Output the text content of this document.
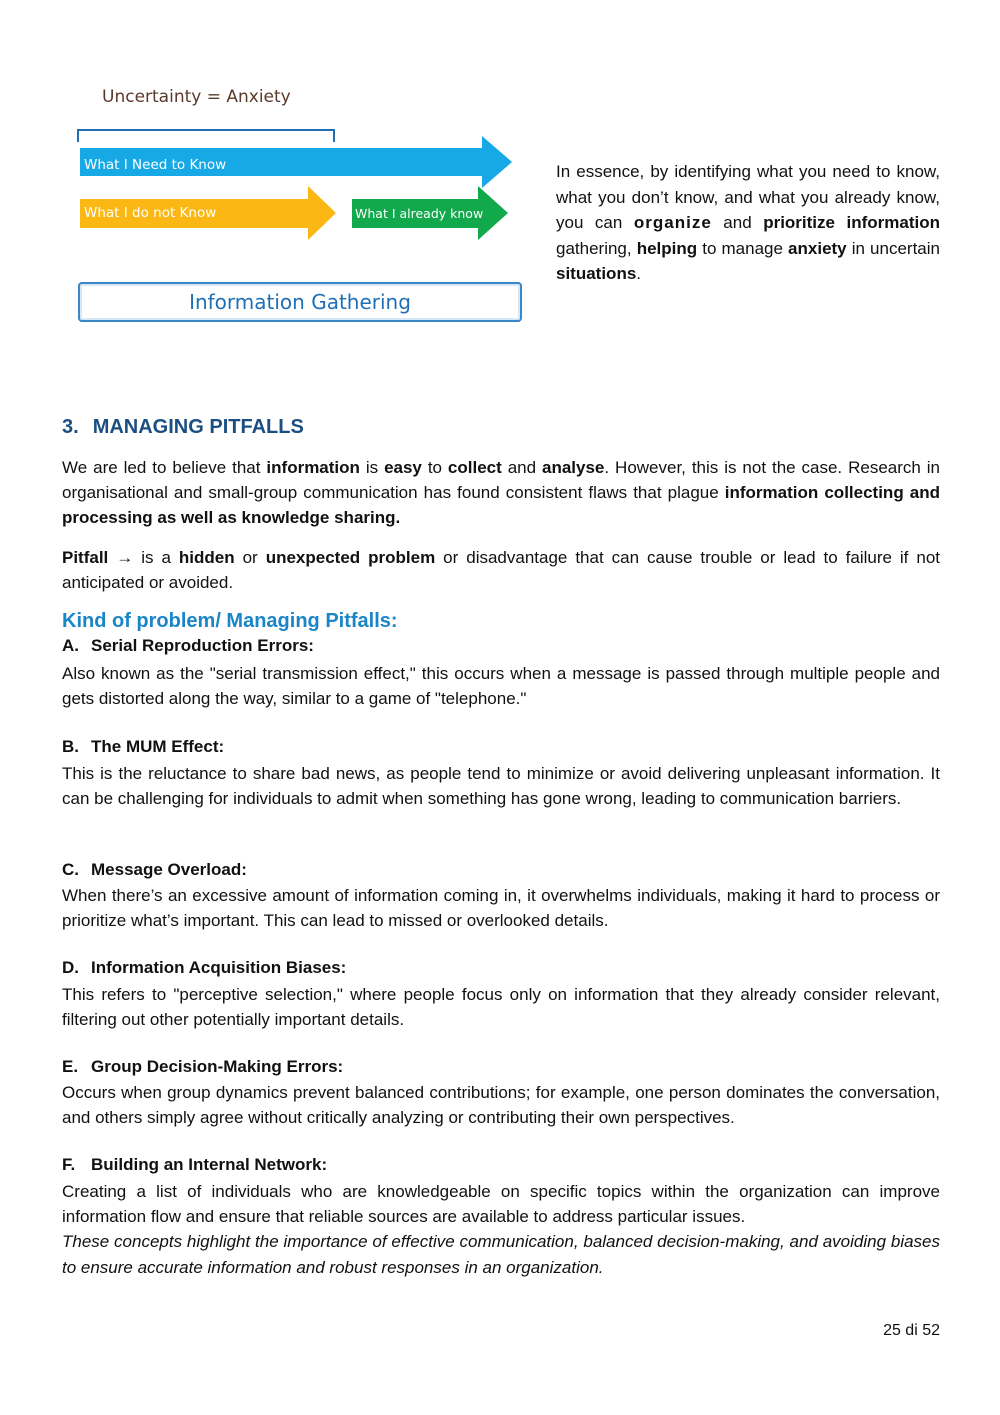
Uncertainty = Anxiety
What I Need to Know
What I do not Know	What I already know
Information Gathering

In essence, by identifying what you need to know, what you don’t know, and what you already know, you can organize and prioritize information gathering, helping to manage anxiety in uncertain situations.

3. MANAGING PITFALLS

We are led to believe that information is easy to collect and analyse. However, this is not the case. Research in organisational and small-group communication has found consistent flaws that plague information collecting and processing as well as knowledge sharing.

Pitfall → is a hidden or unexpected problem or disadvantage that can cause trouble or lead to failure if not anticipated or avoided.

Kind of problem/ Managing Pitfalls:

A. Serial Reproduction Errors:

Also known as the "serial transmission effect," this occurs when a message is passed through multiple people and gets distorted along the way, similar to a game of "telephone."

B. The MUM Effect:

This is the reluctance to share bad news, as people tend to minimize or avoid delivering unpleasant information. It can be challenging for individuals to admit when something has gone wrong, leading to communication barriers.

C. Message Overload:

When there’s an excessive amount of information coming in, it overwhelms individuals, making it hard to process or prioritize what’s important. This can lead to missed or overlooked details.

D. Information Acquisition Biases:

This refers to "perceptive selection," where people focus only on information that they already consider relevant, filtering out other potentially important details.

E. Group Decision-Making Errors:

Occurs when group dynamics prevent balanced contributions; for example, one person dominates the conversation, and others simply agree without critically analyzing or contributing their own perspectives.

F. Building an Internal Network:

Creating a list of individuals who are knowledgeable on specific topics within the organization can improve information flow and ensure that reliable sources are available to address particular issues.

These concepts highlight the importance of effective communication, balanced decision-making, and avoiding biases to ensure accurate information and robust responses in an organization.

25 di 52
